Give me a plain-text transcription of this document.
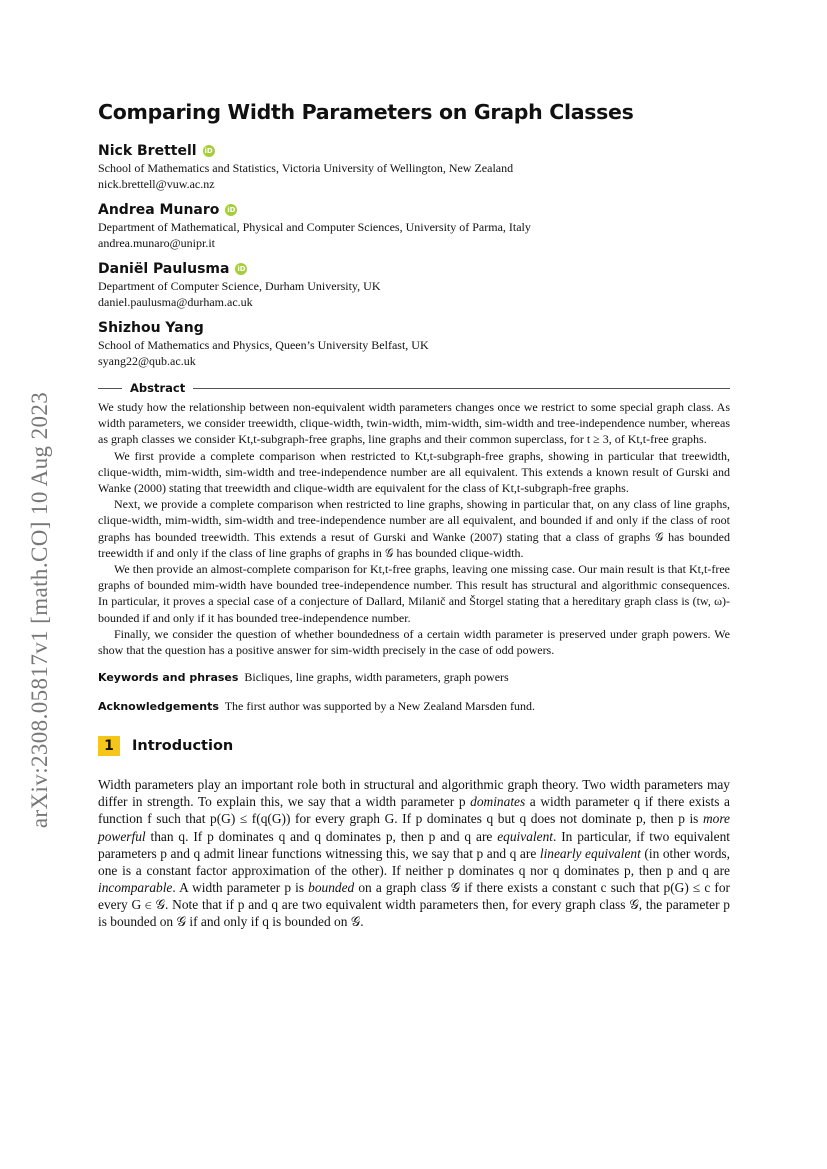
arXiv:2308.05817v1 [math.CO] 10 Aug 2023
Comparing Width Parameters on Graph Classes
Nick Brettell iD
School of Mathematics and Statistics, Victoria University of Wellington, New Zealand
nick.brettell@vuw.ac.nz
Andrea Munaro iD
Department of Mathematical, Physical and Computer Sciences, University of Parma, Italy
andrea.munaro@unipr.it
Daniël Paulusma iD
Department of Computer Science, Durham University, UK
daniel.paulusma@durham.ac.uk
Shizhou Yang
School of Mathematics and Physics, Queen’s University Belfast, UK
syang22@qub.ac.uk
Abstract

We study how the relationship between non-equivalent width parameters changes once we restrict to some special graph class. As width parameters, we consider treewidth, clique-width, twin-width, mim-width, sim-width and tree-independence number, whereas as graph classes we consider Kt,t-subgraph-free graphs, line graphs and their common superclass, for t ≥ 3, of Kt,t-free graphs.

We first provide a complete comparison when restricted to Kt,t-subgraph-free graphs, showing in particular that treewidth, clique-width, mim-width, sim-width and tree-independence number are all equivalent. This extends a known result of Gurski and Wanke (2000) stating that treewidth and clique-width are equivalent for the class of Kt,t-subgraph-free graphs.

Next, we provide a complete comparison when restricted to line graphs, showing in particular that, on any class of line graphs, clique-width, mim-width, sim-width and tree-independence number are all equivalent, and bounded if and only if the class of root graphs has bounded treewidth. This extends a resut of Gurski and Wanke (2007) stating that a class of graphs 𝒢 has bounded treewidth if and only if the class of line graphs of graphs in 𝒢 has bounded clique-width.

We then provide an almost-complete comparison for Kt,t-free graphs, leaving one missing case. Our main result is that Kt,t-free graphs of bounded mim-width have bounded tree-independence number. This result has structural and algorithmic consequences. In particular, it proves a special case of a conjecture of Dallard, Milanič and Štorgel stating that a hereditary graph class is (tw, ω)-bounded if and only if it has bounded tree-independence number.

Finally, we consider the question of whether boundedness of a certain width parameter is preserved under graph powers. We show that the question has a positive answer for sim-width precisely in the case of odd powers.

Keywords and phrases Bicliques, line graphs, width parameters, graph powers
Acknowledgements The first author was supported by a New Zealand Marsden fund.
1	Introduction
Width parameters play an important role both in structural and algorithmic graph theory. Two width parameters may differ in strength. To explain this, we say that a width parameter p dominates a width parameter q if there exists a function f such that p(G) ≤ f(q(G)) for every graph G. If p dominates q but q does not dominate p, then p is more powerful than q. If p dominates q and q dominates p, then p and q are equivalent. In particular, if two equivalent parameters p and q admit linear functions witnessing this, we say that p and q are linearly equivalent (in other words, one is a constant factor approximation of the other). If neither p dominates q nor q dominates p, then p and q are incomparable. A width parameter p is bounded on a graph class 𝒢 if there exists a constant c such that p(G) ≤ c for every G ∈ 𝒢. Note that if p and q are two equivalent width parameters then, for every graph class 𝒢, the parameter p is bounded on 𝒢 if and only if q is bounded on 𝒢.
